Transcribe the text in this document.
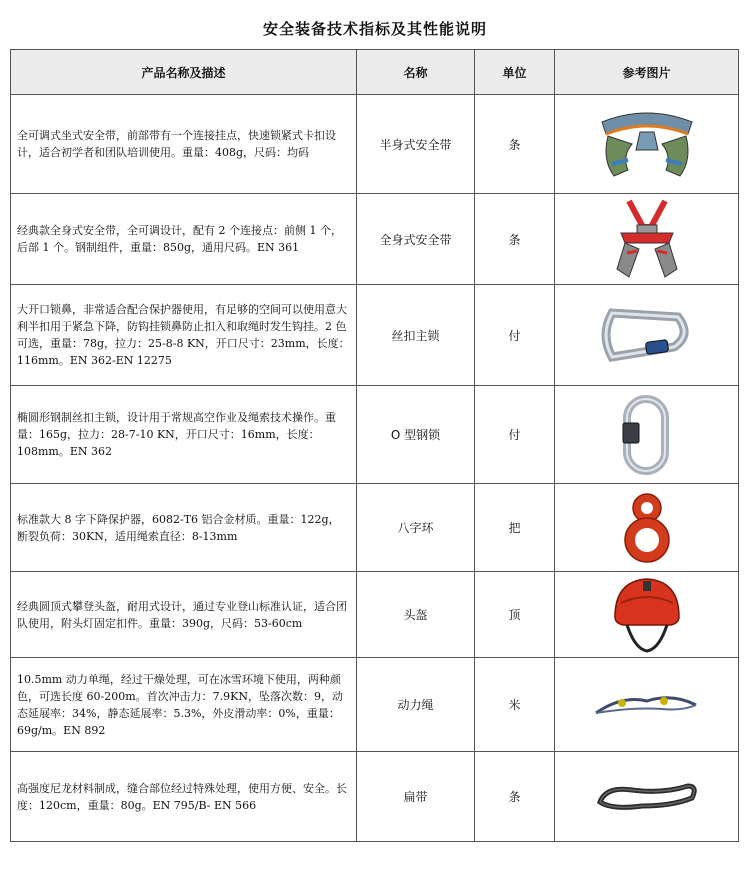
安全装备技术指标及其性能说明
产品名称及描述	名称	单位	参考图片
全可调式坐式安全带，前部带有一个连接挂点，快速锁紧式卡扣设计，适合初学者和团队培训使用。重量：408g，尺码：均码	半身式安全带	条	

经典款全身式安全带，全可调设计，配有 2 个连接点：前侧 1 个，后部 1 个。钢制组件，重量：850g，通用尺码。EN 361	全身式安全带	条	

大开口锁鼻，非常适合配合保护器使用，有足够的空间可以使用意大利半扣用于紧急下降，防钩挂锁鼻防止扣入和取绳时发生钩挂。2 色可选，重量：78g，拉力：25-8-8 KN，开口尺寸：23mm，长度：116mm。EN 362-EN 12275	丝扣主锁	付	

椭圆形钢制丝扣主锁，设计用于常规高空作业及绳索技术操作。重量：165g，拉力：28-7-10 KN，开口尺寸：16mm，长度：108mm。EN 362	O 型钢锁	付	

标准款大 8 字下降保护器，6082-T6 铝合金材质。重量：122g，断裂负荷：30KN，适用绳索直径：8-13mm	八字环	把	

经典圆顶式攀登头盔，耐用式设计，通过专业登山标准认证，适合团队使用，附头灯固定扣件。重量：390g，尺码：53-60cm	头盔	顶	

10.5mm 动力单绳，经过干燥处理，可在冰雪环境下使用，两种颜色，可选长度 60-200m。首次冲击力：7.9KN，坠落次数：9，动态延展率：34%，静态延展率：5.3%，外皮滑动率：0%，重量：69g/m。EN 892	动力绳	米	

高强度尼龙材料制成，缝合部位经过特殊处理，使用方便、安全。长度：120cm，重量：80g。EN 795/B- EN 566	扁带	条	
